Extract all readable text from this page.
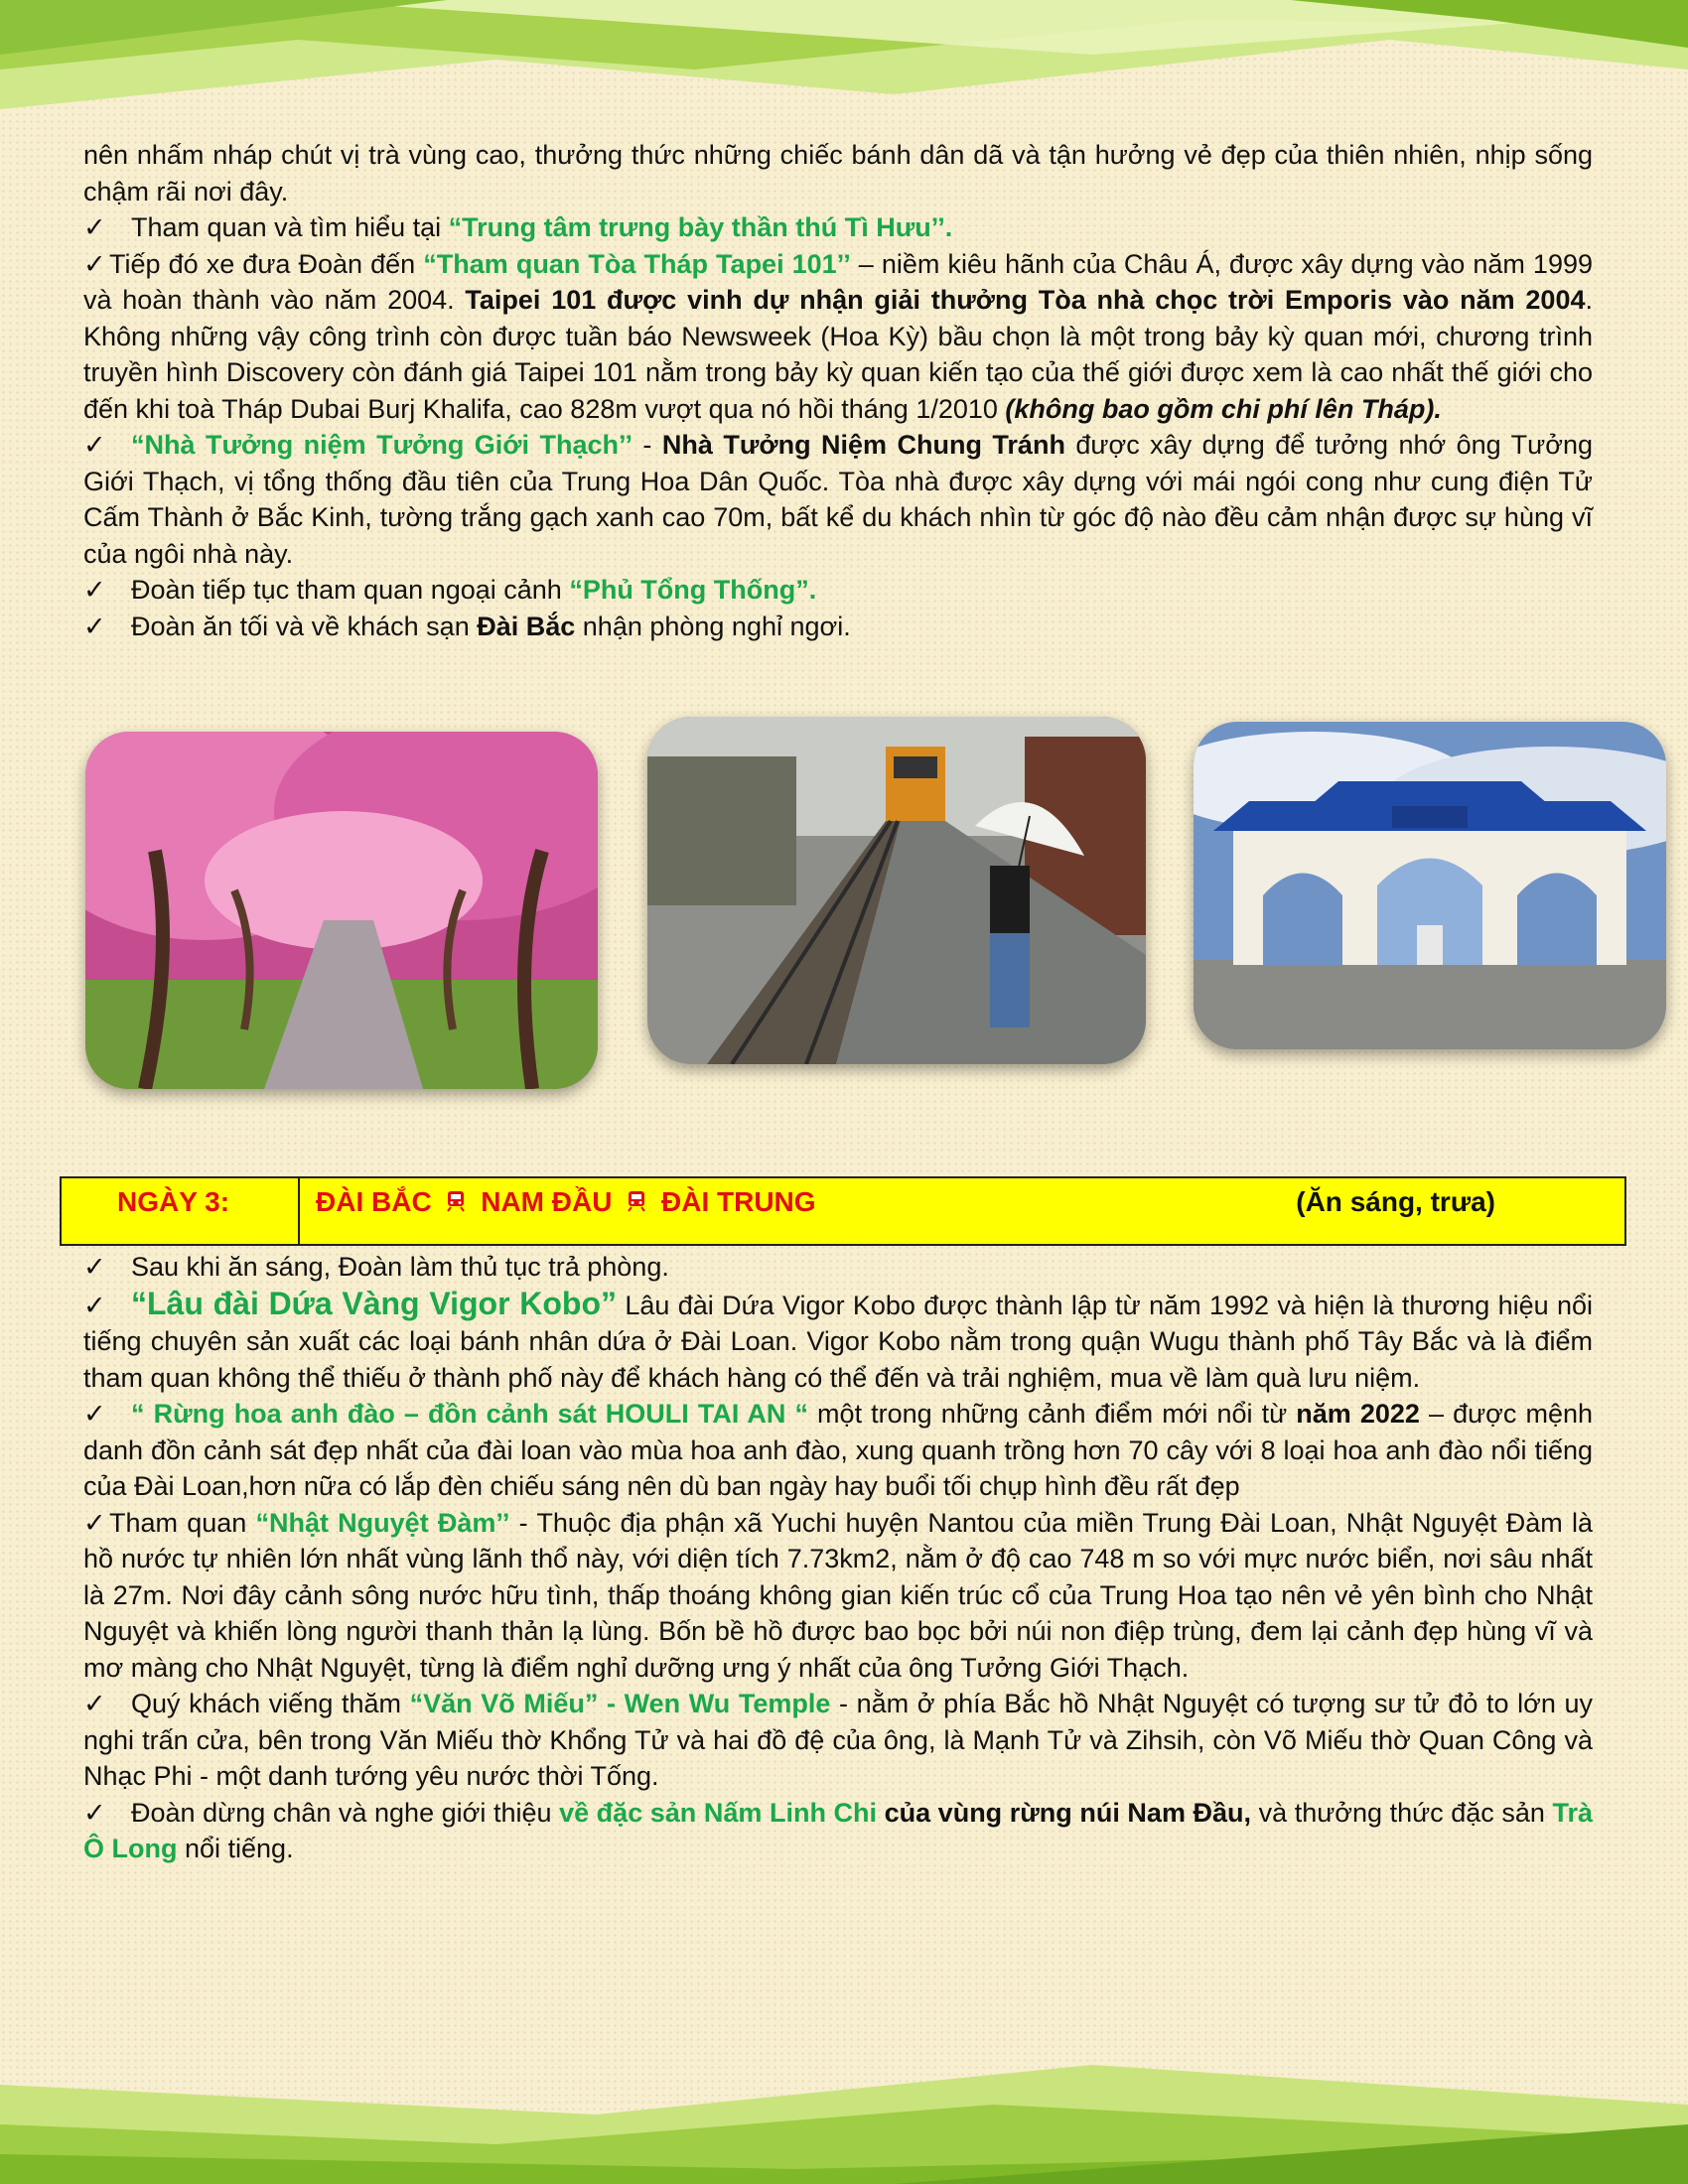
nên nhấm nháp chút vị trà vùng cao, thưởng thức những chiếc bánh dân dã và tận hưởng vẻ đẹp của thiên nhiên, nhịp sống chậm rãi nơi đây.

✓ Tham quan và tìm hiểu tại “Trung tâm trưng bày thần thú Tì Hưu’’.

✓ Tiếp đó xe đưa Đoàn đến “Tham quan Tòa Tháp Tapei 101’’ – niềm kiêu hãnh của Châu Á, được xây dựng vào năm 1999 và hoàn thành vào năm 2004. Taipei 101 được vinh dự nhận giải thưởng Tòa nhà chọc trời Emporis vào năm 2004. Không những vậy công trình còn được tuần báo Newsweek (Hoa Kỳ) bầu chọn là một trong bảy kỳ quan mới, chương trình truyền hình Discovery còn đánh giá Taipei 101 nằm trong bảy kỳ quan kiến tạo của thế giới được xem là cao nhất thế giới cho đến khi toà Tháp Dubai Burj Khalifa, cao 828m vượt qua nó hồi tháng 1/2010 (không bao gồm chi phí lên Tháp).

✓ “Nhà Tưởng niệm Tưởng Giới Thạch’’ - Nhà Tưởng Niệm Chung Tránh được xây dựng để tưởng nhớ ông Tưởng Giới Thạch, vị tổng thống đầu tiên của Trung Hoa Dân Quốc. Tòa nhà được xây dựng với mái ngói cong như cung điện Tử Cấm Thành ở Bắc Kinh, tường trắng gạch xanh cao 70m, bất kể du khách nhìn từ góc độ nào đều cảm nhận được sự hùng vĩ của ngôi nhà này.

✓ Đoàn tiếp tục tham quan ngoại cảnh “Phủ Tổng Thống”.

✓ Đoàn ăn tối và về khách sạn Đài Bắc nhận phòng nghỉ ngơi.

NGÀY 3:	ĐÀI BẮC NAM ĐẦU ĐÀI TRUNG	(Ăn sáng, trưa)

✓ Sau khi ăn sáng, Đoàn làm thủ tục trả phòng.

✓ “Lâu đài Dứa Vàng Vigor Kobo” Lâu đài Dứa Vigor Kobo được thành lập từ năm 1992 và hiện là thương hiệu nổi tiếng chuyên sản xuất các loại bánh nhân dứa ở Đài Loan. Vigor Kobo nằm trong quận Wugu thành phố Tây Bắc và là điểm tham quan không thể thiếu ở thành phố này để khách hàng có thể đến và trải nghiệm, mua về làm quà lưu niệm.

✓ “ Rừng hoa anh đào – đồn cảnh sát HOULI TAI AN “ một trong những cảnh điểm mới nổi từ năm 2022 – được mệnh danh đồn cảnh sát đẹp nhất của đài loan vào mùa hoa anh đào, xung quanh trồng hơn 70 cây với 8 loại hoa anh đào nổi tiếng của Đài Loan,hơn nữa có lắp đèn chiếu sáng nên dù ban ngày hay buổi tối chụp hình đều rất đẹp

✓ Tham quan “Nhật Nguyệt Đàm’’ - Thuộc địa phận xã Yuchi huyện Nantou của miền Trung Đài Loan, Nhật Nguyệt Đàm là hồ nước tự nhiên lớn nhất vùng lãnh thổ này, với diện tích 7.73km2, nằm ở độ cao 748 m so với mực nước biển, nơi sâu nhất là 27m. Nơi đây cảnh sông nước hữu tình, thấp thoáng không gian kiến trúc cổ của Trung Hoa tạo nên vẻ yên bình cho Nhật Nguyệt và khiến lòng người thanh thản lạ lùng. Bốn bề hồ được bao bọc bởi núi non điệp trùng, đem lại cảnh đẹp hùng vĩ và mơ màng cho Nhật Nguyệt, từng là điểm nghỉ dưỡng ưng ý nhất của ông Tưởng Giới Thạch.

✓ Quý khách viếng thăm “Văn Võ Miếu” - Wen Wu Temple - nằm ở phía Bắc hồ Nhật Nguyệt có tượng sư tử đỏ to lớn uy nghi trấn cửa, bên trong Văn Miếu thờ Khổng Tử và hai đồ đệ của ông, là Mạnh Tử và Zihsih, còn Võ Miếu thờ Quan Công và Nhạc Phi - một danh tướng yêu nước thời Tống.

✓ Đoàn dừng chân và nghe giới thiệu về đặc sản Nấm Linh Chi của vùng rừng núi Nam Đầu, và thưởng thức đặc sản Trà Ô Long nổi tiếng.
